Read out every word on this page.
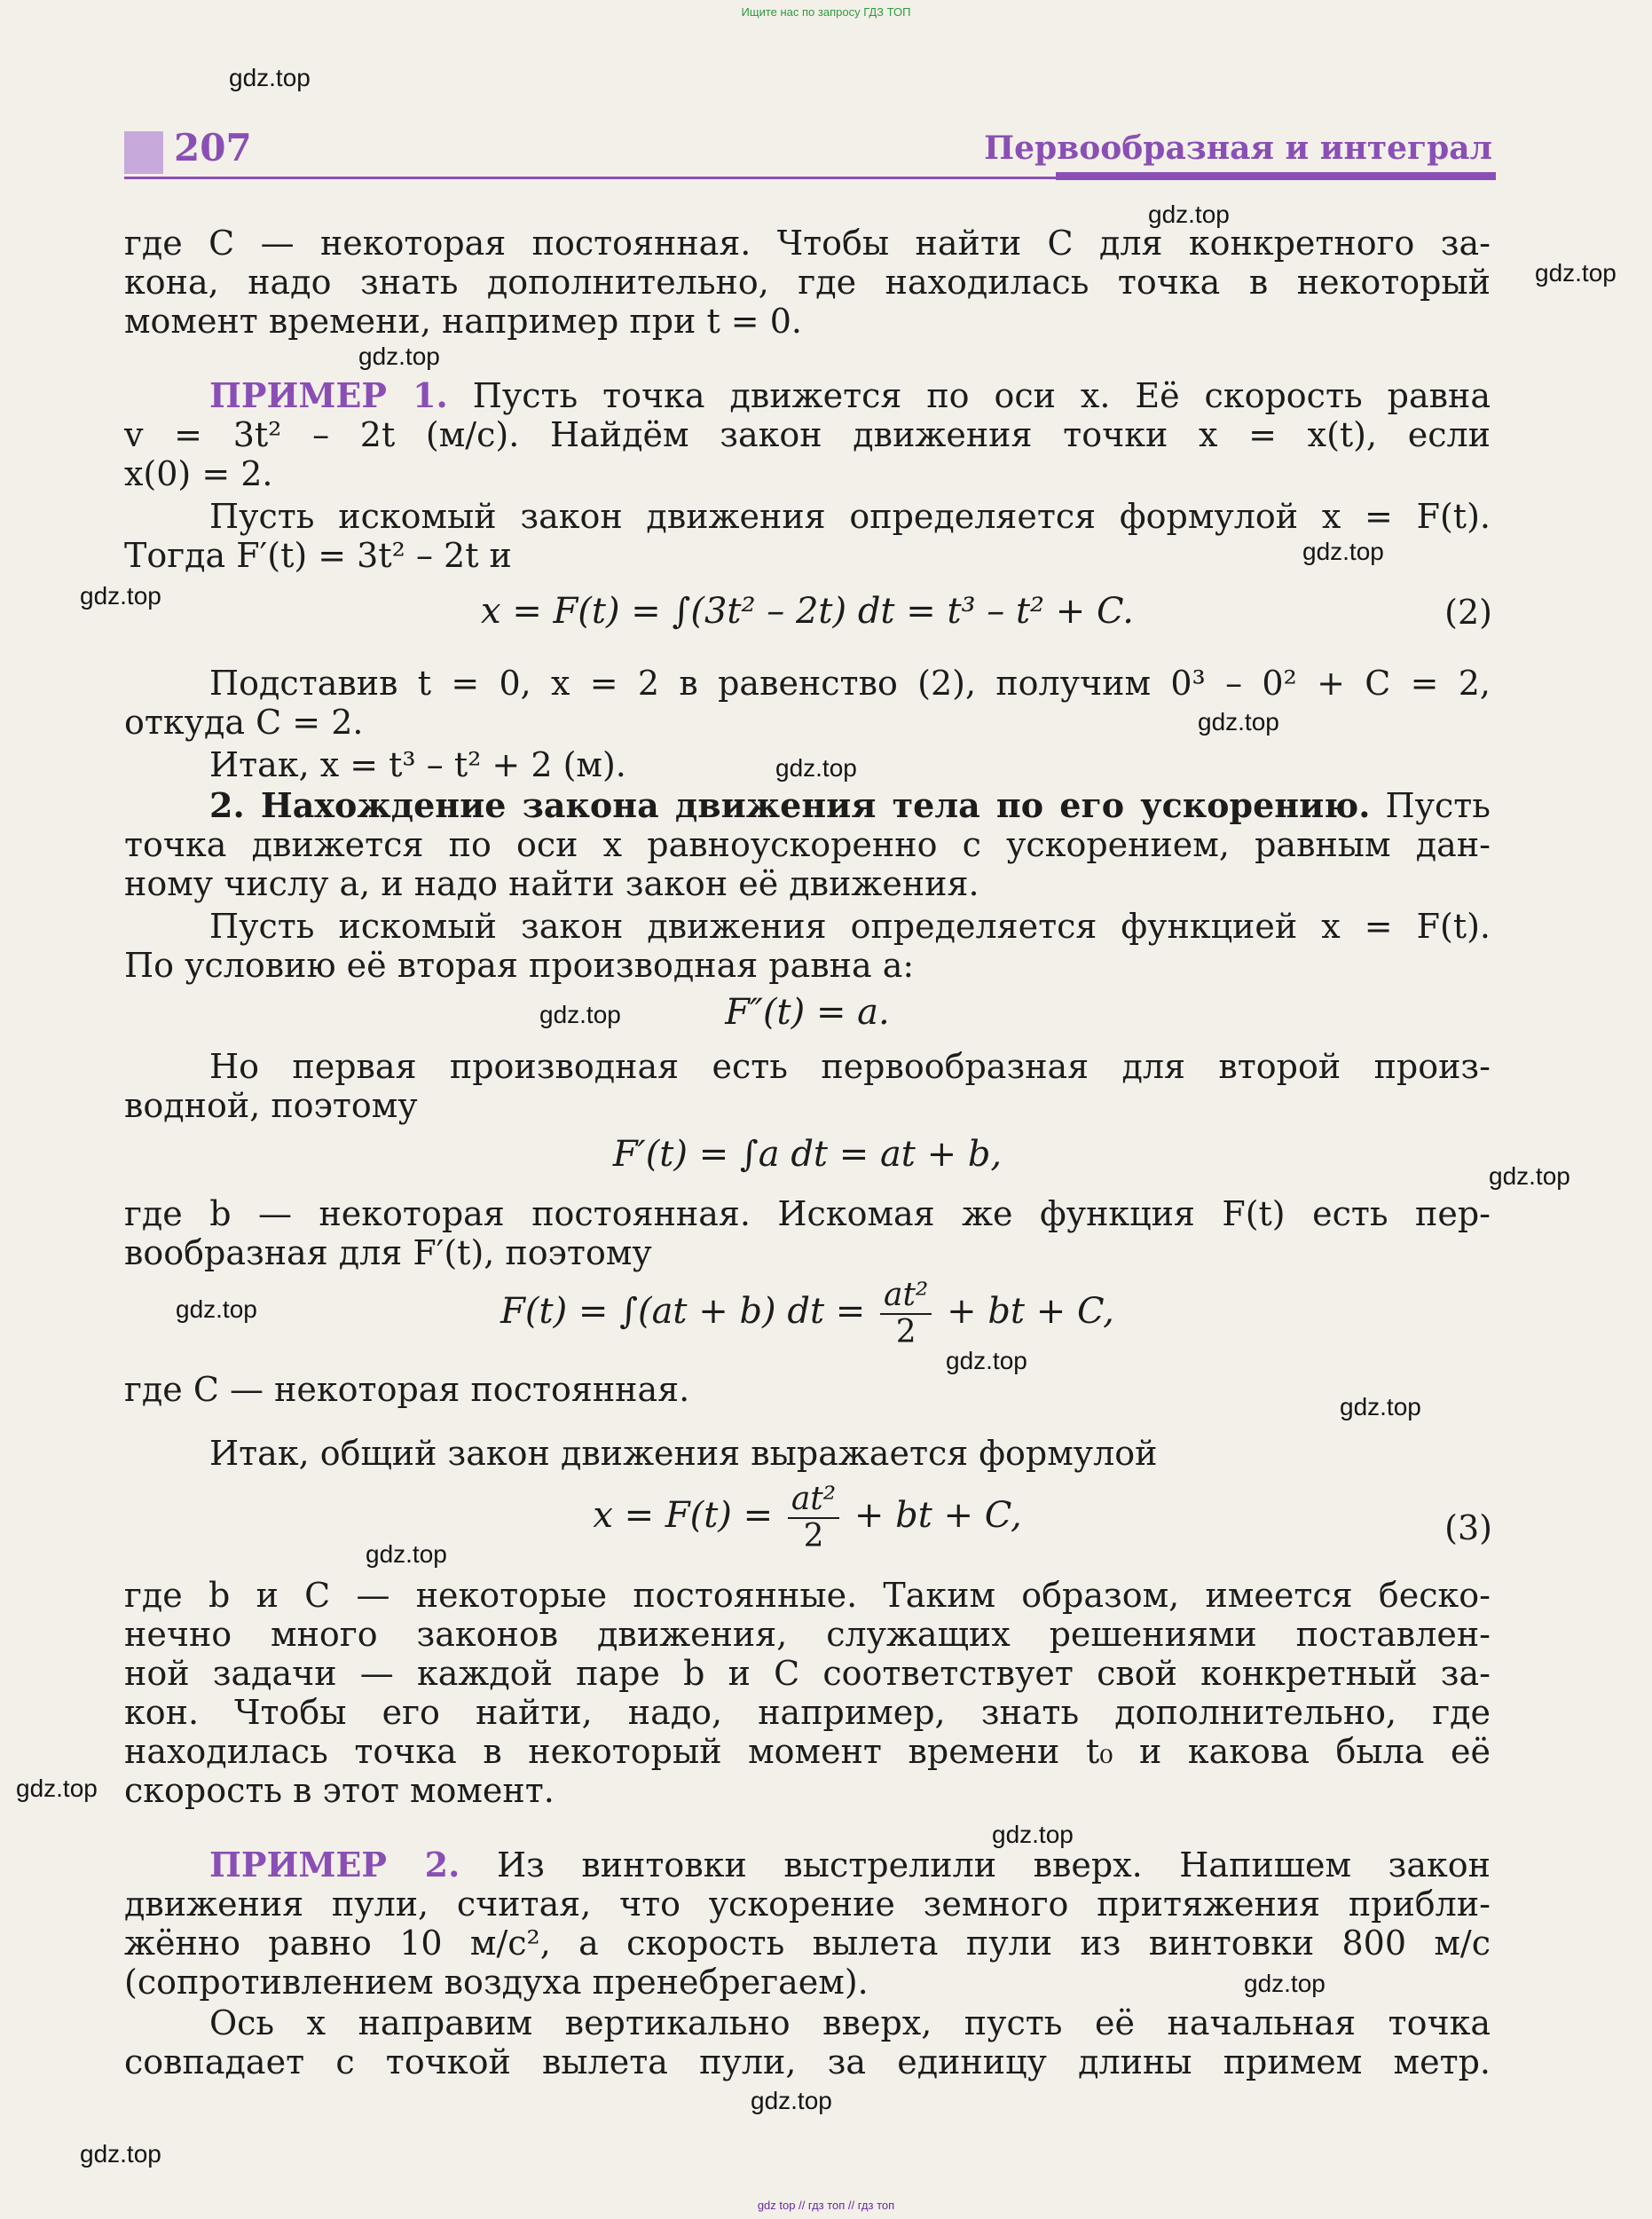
Ищите нас по запросу ГДЗ ТОП
207	Первообразная и интеграл
где C — некоторая постоянная. Чтобы найти C для конкретного за-
кона, надо знать дополнительно, где находилась точка в некоторый
момент времени, например при t = 0.
ПРИМЕР 1. Пусть точка движется по оси x. Её скорость равна
v = 3t² – 2t (м/с). Найдём закон движения точки x = x(t), если
x(0) = 2.
Пусть искомый закон движения определяется формулой x = F(t).
Тогда F′(t) = 3t² – 2t и
x = F(t) = ∫(3t² – 2t) dt = t³ – t² + C.	(2)
Подставив t = 0, x = 2 в равенство (2), получим 0³ – 0² + C = 2,
откуда C = 2.
Итак, x = t³ – t² + 2 (м).
2. Нахождение закона движения тела по его ускорению. Пусть
точка движется по оси x равноускоренно с ускорением, равным дан-
ному числу a, и надо найти закон её движения.
Пусть искомый закон движения определяется функцией x = F(t).
По условию её вторая производная равна a:
F″(t) = a.
Но первая производная есть первообразная для второй произ-
водной, поэтому
F′(t) = ∫a dt = at + b,
где b — некоторая постоянная. Искомая же функция F(t) есть пер-
вообразная для F′(t), поэтому
F(t) = ∫(at + b) dt = $\frac{\text{at²}}{2}$ + bt + C,
где C — некоторая постоянная.
Итак, общий закон движения выражается формулой
$x = F(t) = \frac{\text{at²}}{2}$ + bt + C,	(3)
где b и C — некоторые постоянные. Таким образом, имеется беско-
нечно много законов движения, служащих решениями поставлен-
ной задачи — каждой паре b и C соответствует свой конкретный за-
кон. Чтобы его найти, надо, например, знать дополнительно, где
находилась точка в некоторый момент времени t₀ и какова была её
скорость в этот момент.
ПРИМЕР 2. Из винтовки выстрелили вверх. Напишем закон
движения пули, считая, что ускорение земного притяжения прибли-
жённо равно 10 м/с², а скорость вылета пули из винтовки 800 м/с
(сопротивлением воздуха пренебрегаем).
Ось x направим вертикально вверх, пусть её начальная точка
совпадает с точкой вылета пули, за единицу длины примем метр.
gdz.top
gdz.top
gdz.top
gdz.top
gdz.top
gdz.top
gdz.top
gdz.top
gdz.top
gdz.top
gdz.top
gdz.top
gdz.top
gdz.top
gdz.top
gdz.top
gdz.top
gdz.top
gdz.top
gdz top // гдз топ // гдз топ
